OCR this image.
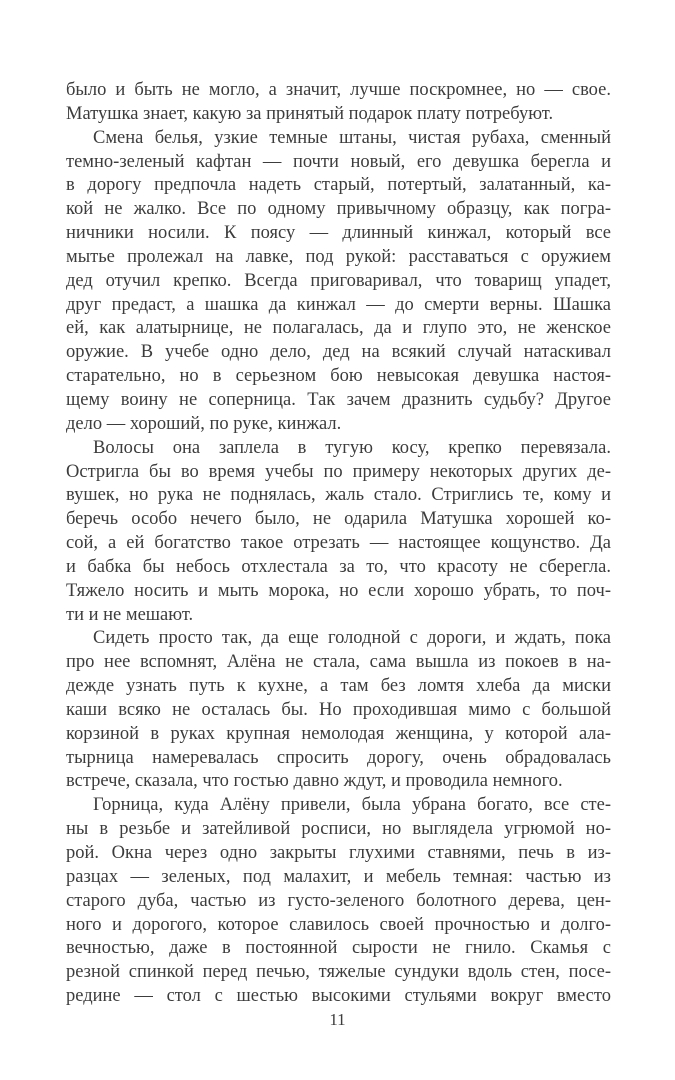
было и быть не могло, а значит, лучше поскромнее, но — свое.
Матушка знает, какую за принятый подарок плату потребуют.
Смена белья, узкие темные штаны, чистая рубаха, сменный
темно-зеленый кафтан — почти новый, его девушка берегла и
в дорогу предпочла надеть старый, потертый, залатанный, ка-
кой не жалко. Все по одному привычному образцу, как погра-
ничники носили. К поясу — длинный кинжал, который все
мытье пролежал на лавке, под рукой: расставаться с оружием
дед отучил крепко. Всегда приговаривал, что товарищ упадет,
друг предаст, а шашка да кинжал — до смерти верны. Шашка
ей, как алатырнице, не полагалась, да и глупо это, не женское
оружие. В учебе одно дело, дед на всякий случай натаскивал
старательно, но в серьезном бою невысокая девушка настоя-
щему воину не соперница. Так зачем дразнить судьбу? Другое
дело — хороший, по руке, кинжал.
Волосы она заплела в тугую косу, крепко перевязала.
Остригла бы во время учебы по примеру некоторых других де-
вушек, но рука не поднялась, жаль стало. Стриглись те, кому и
беречь особо нечего было, не одарила Матушка хорошей ко-
сой, а ей богатство такое отрезать — настоящее кощунство. Да
и бабка бы небось отхлестала за то, что красоту не сберегла.
Тяжело носить и мыть морока, но если хорошо убрать, то поч-
ти и не мешают.
Сидеть просто так, да еще голодной с дороги, и ждать, пока
про нее вспомнят, Алёна не стала, сама вышла из покоев в на-
дежде узнать путь к кухне, а там без ломтя хлеба да миски
каши всяко не осталась бы. Но проходившая мимо с большой
корзиной в руках крупная немолодая женщина, у которой ала-
тырница намеревалась спросить дорогу, очень обрадовалась
встрече, сказала, что гостью давно ждут, и проводила немного.
Горница, куда Алёну привели, была убрана богато, все сте-
ны в резьбе и затейливой росписи, но выглядела угрюмой но-
рой. Окна через одно закрыты глухими ставнями, печь в из-
разцах — зеленых, под малахит, и мебель темная: частью из
старого дуба, частью из густо-зеленого болотного дерева, цен-
ного и дорогого, которое славилось своей прочностью и долго-
вечностью, даже в постоянной сырости не гнило. Скамья с
резной спинкой перед печью, тяжелые сундуки вдоль стен, посе-
редине — стол с шестью высокими стульями вокруг вместо
11
